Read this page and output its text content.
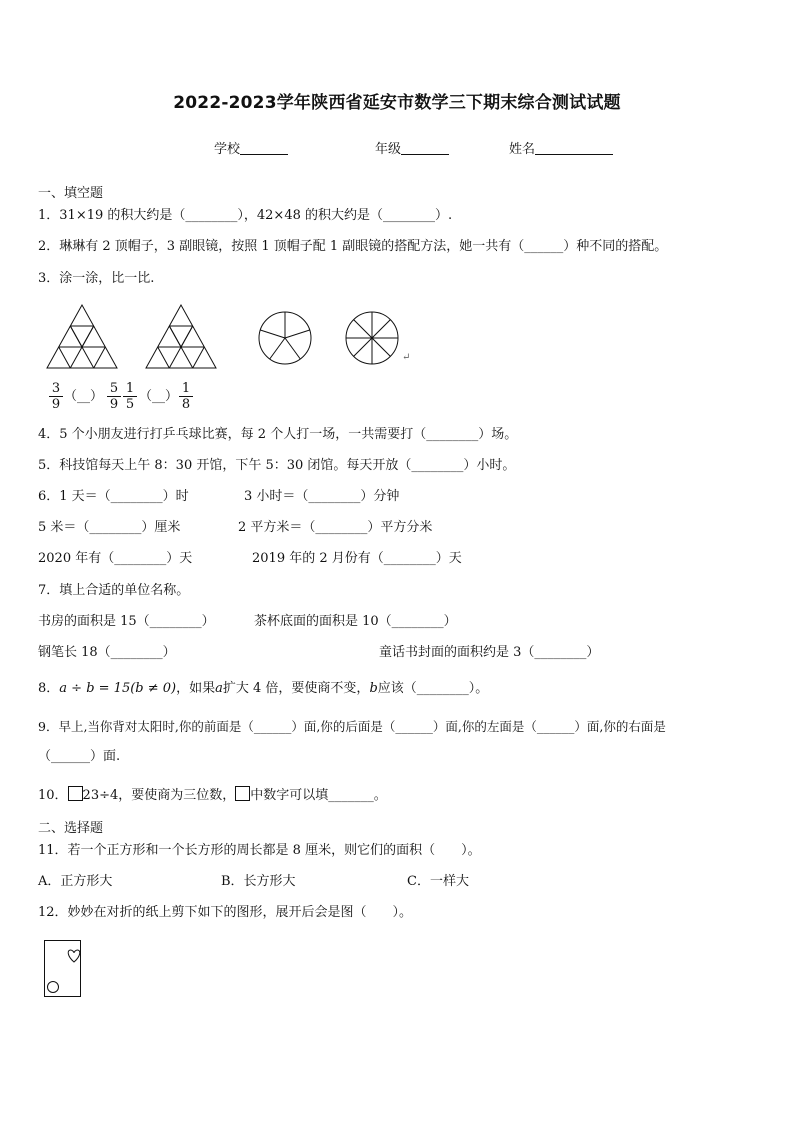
2022-2023学年陕西省延安市数学三下期末综合测试试题
学校	年级	姓名
一、填空题
1．31×19 的积大约是（________），42×48 的积大约是（________）.
2．琳琳有 2 顶帽子，3 副眼镜，按照 1 顶帽子配 1 副眼镜的搭配方法，她一共有（______）种不同的搭配。
3．涂一涂，比一比.
↵
$\frac{3}{9}$ （__） $\frac{5}{9} \frac{1}{5}$ （__） $\frac{1}{8}$
4．5 个小朋友进行打乒乓球比赛，每 2 个人打一场，一共需要打（________）场。
5．科技馆每天上午 8：30 开馆，下午 5：30 闭馆。每天开放（________）小时。
6．1 天＝（________）时	3 小时＝（________）分钟
5 米＝（________）厘米	2 平方米＝（________）平方分米
2020 年有（________）天	2019 年的 2 月份有（________）天
7．填上合适的单位名称。
书房的面积是 15（________）	茶杯底面的面积是 10（________）
钢笔长 18（________）	童话书封面的面积约是 3（________）
8．a ÷ b = 15(b ≠ 0)，如果a扩大 4 倍，要使商不变，b应该（________）。
9．早上,当你背对太阳时,你的前面是（______）面,你的后面是（______）面,你的左面是（______）面,你的右面是
（______）面.
10． 23÷4，要使商为三位数， 中数字可以填_______。
二、选择题
11．若一个正方形和一个长方形的周长都是 8 厘米，则它们的面积（　　）。
A．正方形大	B．长方形大	C．一样大
12．妙妙在对折的纸上剪下如下的图形，展开后会是图（　　）。
